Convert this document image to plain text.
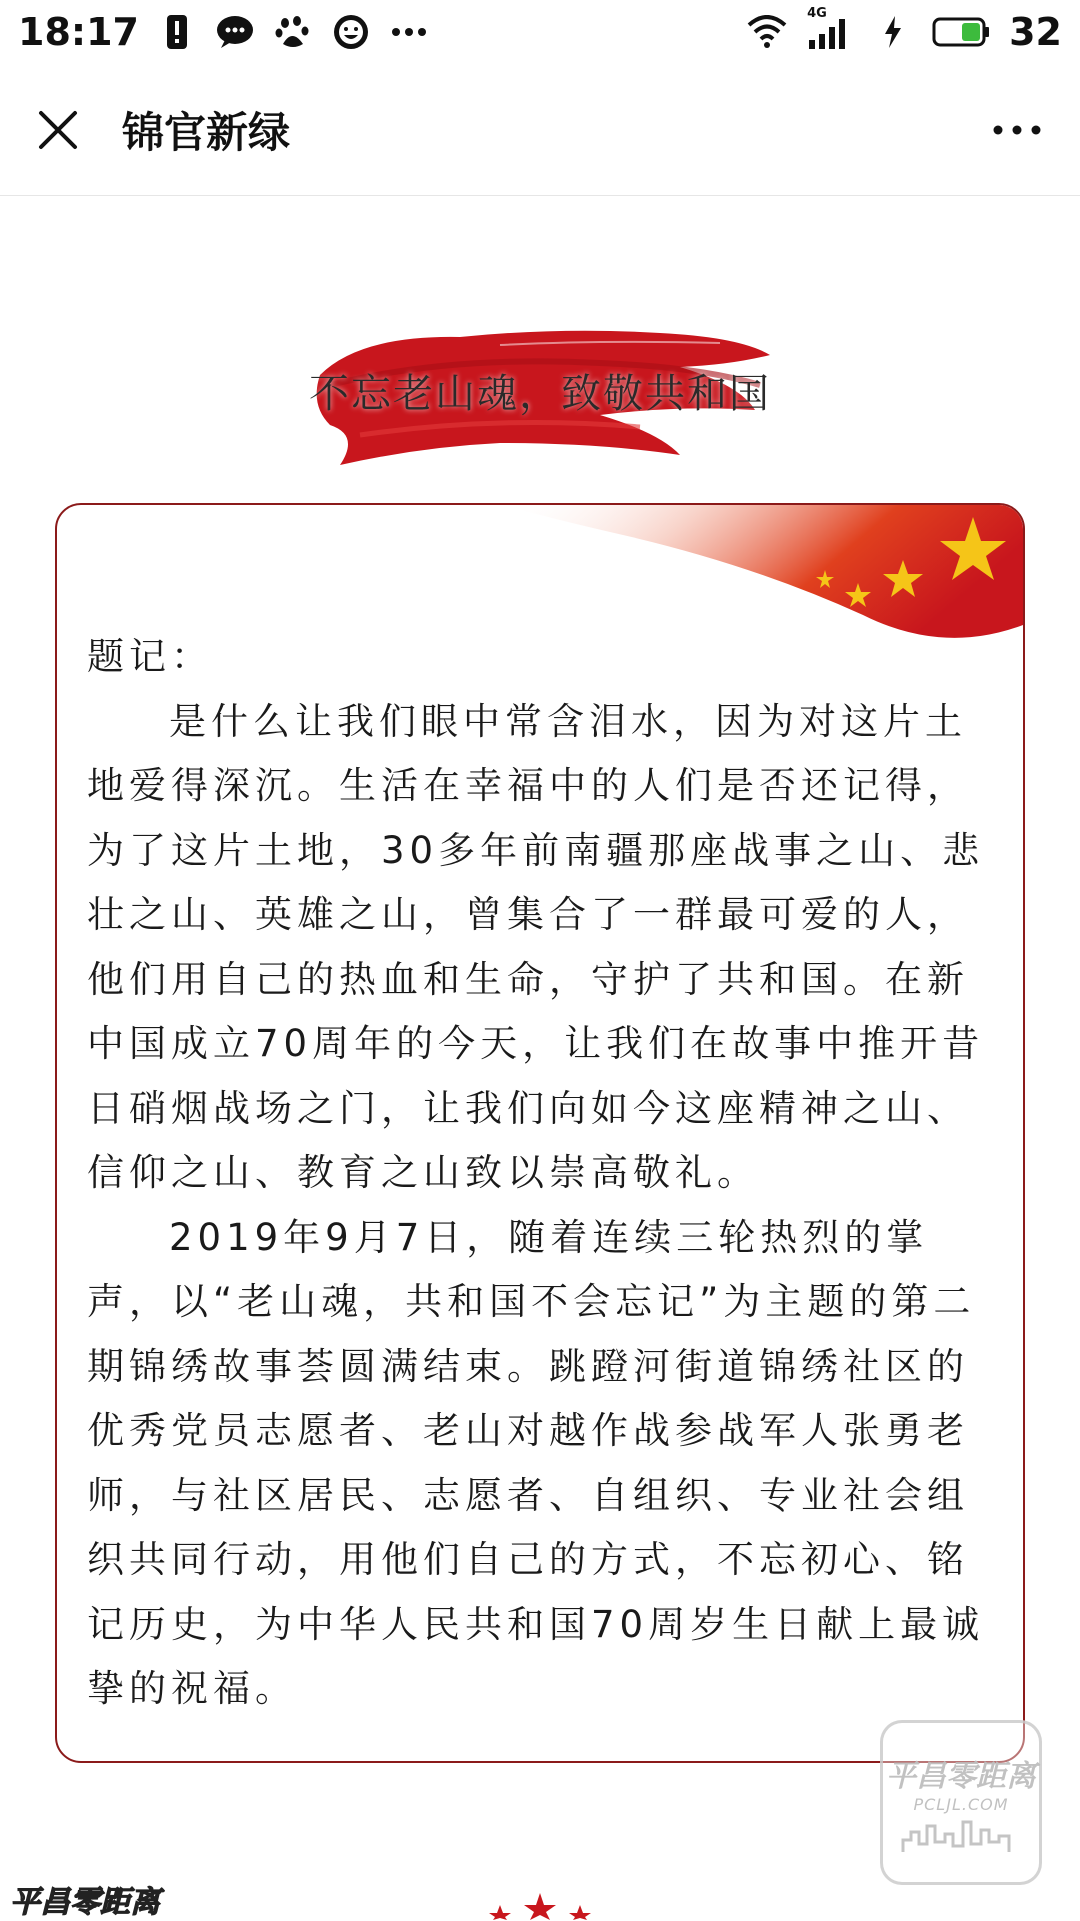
18:17	4G	32
锦官新绿
不忘老山魂，致敬共和国

题记：

是什么让我们眼中常含泪水，因为对这片土地爱得深沉。生活在幸福中的人们是否还记得，为了这片土地，30多年前南疆那座战事之山、悲壮之山、英雄之山，曾集合了一群最可爱的人，他们用自己的热血和生命，守护了共和国。在新中国成立70周年的今天，让我们在故事中推开昔日硝烟战场之门，让我们向如今这座精神之山、信仰之山、教育之山致以崇高敬礼。

2019年9月7日，随着连续三轮热烈的掌声，以“老山魂，共和国不会忘记”为主题的第二期锦绣故事荟圆满结束。跳蹬河街道锦绣社区的优秀党员志愿者、老山对越作战参战军人张勇老师，与社区居民、志愿者、自组织、专业社会组织共同行动，用他们自己的方式，不忘初心、铭记历史，为中华人民共和国70周岁生日献上最诚挚的祝福。

平昌零距离
PCLJL.COM
平昌零距离
